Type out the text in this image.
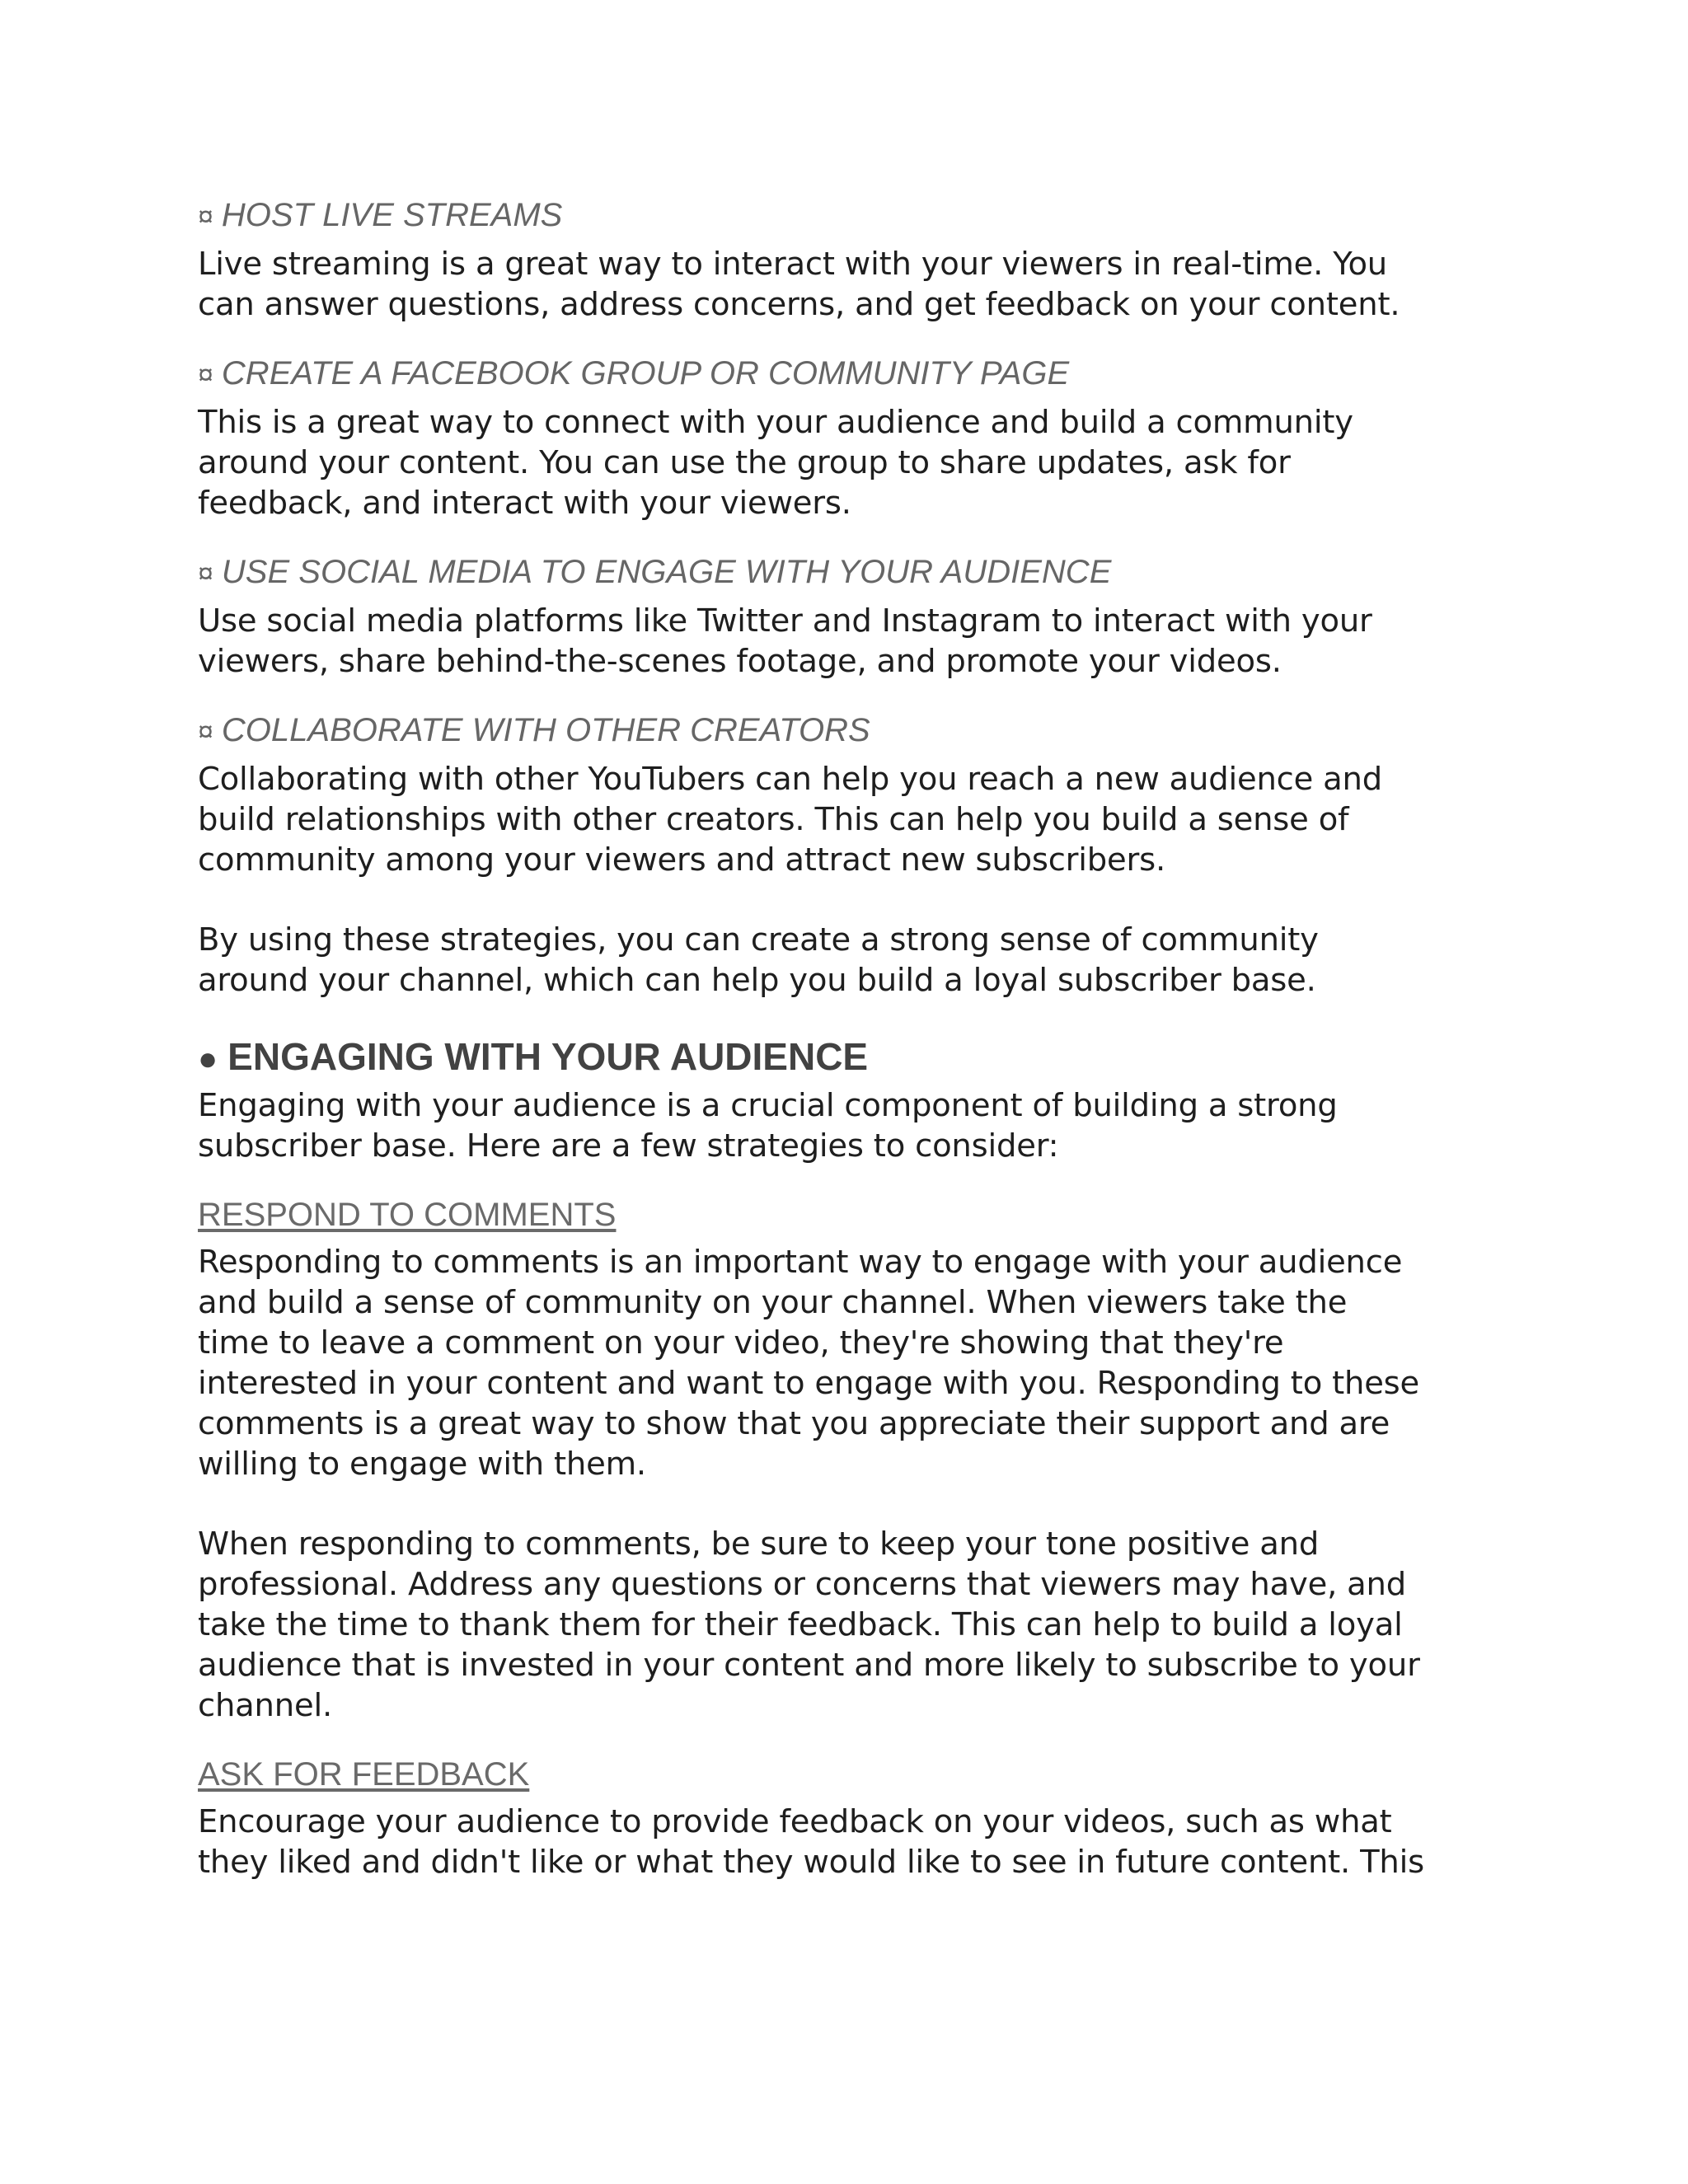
¤ HOST LIVE STREAMS

Live streaming is a great way to interact with your viewers in real-time. You
can answer questions, address concerns, and get feedback on your content.

¤ CREATE A FACEBOOK GROUP OR COMMUNITY PAGE

This is a great way to connect with your audience and build a community
around your content. You can use the group to share updates, ask for
feedback, and interact with your viewers.

¤ USE SOCIAL MEDIA TO ENGAGE WITH YOUR AUDIENCE

Use social media platforms like Twitter and Instagram to interact with your
viewers, share behind-the-scenes footage, and promote your videos.

¤ COLLABORATE WITH OTHER CREATORS

Collaborating with other YouTubers can help you reach a new audience and
build relationships with other creators. This can help you build a sense of
community among your viewers and attract new subscribers.

By using these strategies, you can create a strong sense of community
around your channel, which can help you build a loyal subscriber base.

● ENGAGING WITH YOUR AUDIENCE

Engaging with your audience is a crucial component of building a strong
subscriber base. Here are a few strategies to consider:

RESPOND TO COMMENTS

Responding to comments is an important way to engage with your audience
and build a sense of community on your channel. When viewers take the
time to leave a comment on your video, they're showing that they're
interested in your content and want to engage with you. Responding to these
comments is a great way to show that you appreciate their support and are
willing to engage with them.

When responding to comments, be sure to keep your tone positive and
professional. Address any questions or concerns that viewers may have, and
take the time to thank them for their feedback. This can help to build a loyal
audience that is invested in your content and more likely to subscribe to your
channel.

ASK FOR FEEDBACK

Encourage your audience to provide feedback on your videos, such as what
they liked and didn't like or what they would like to see in future content. This
